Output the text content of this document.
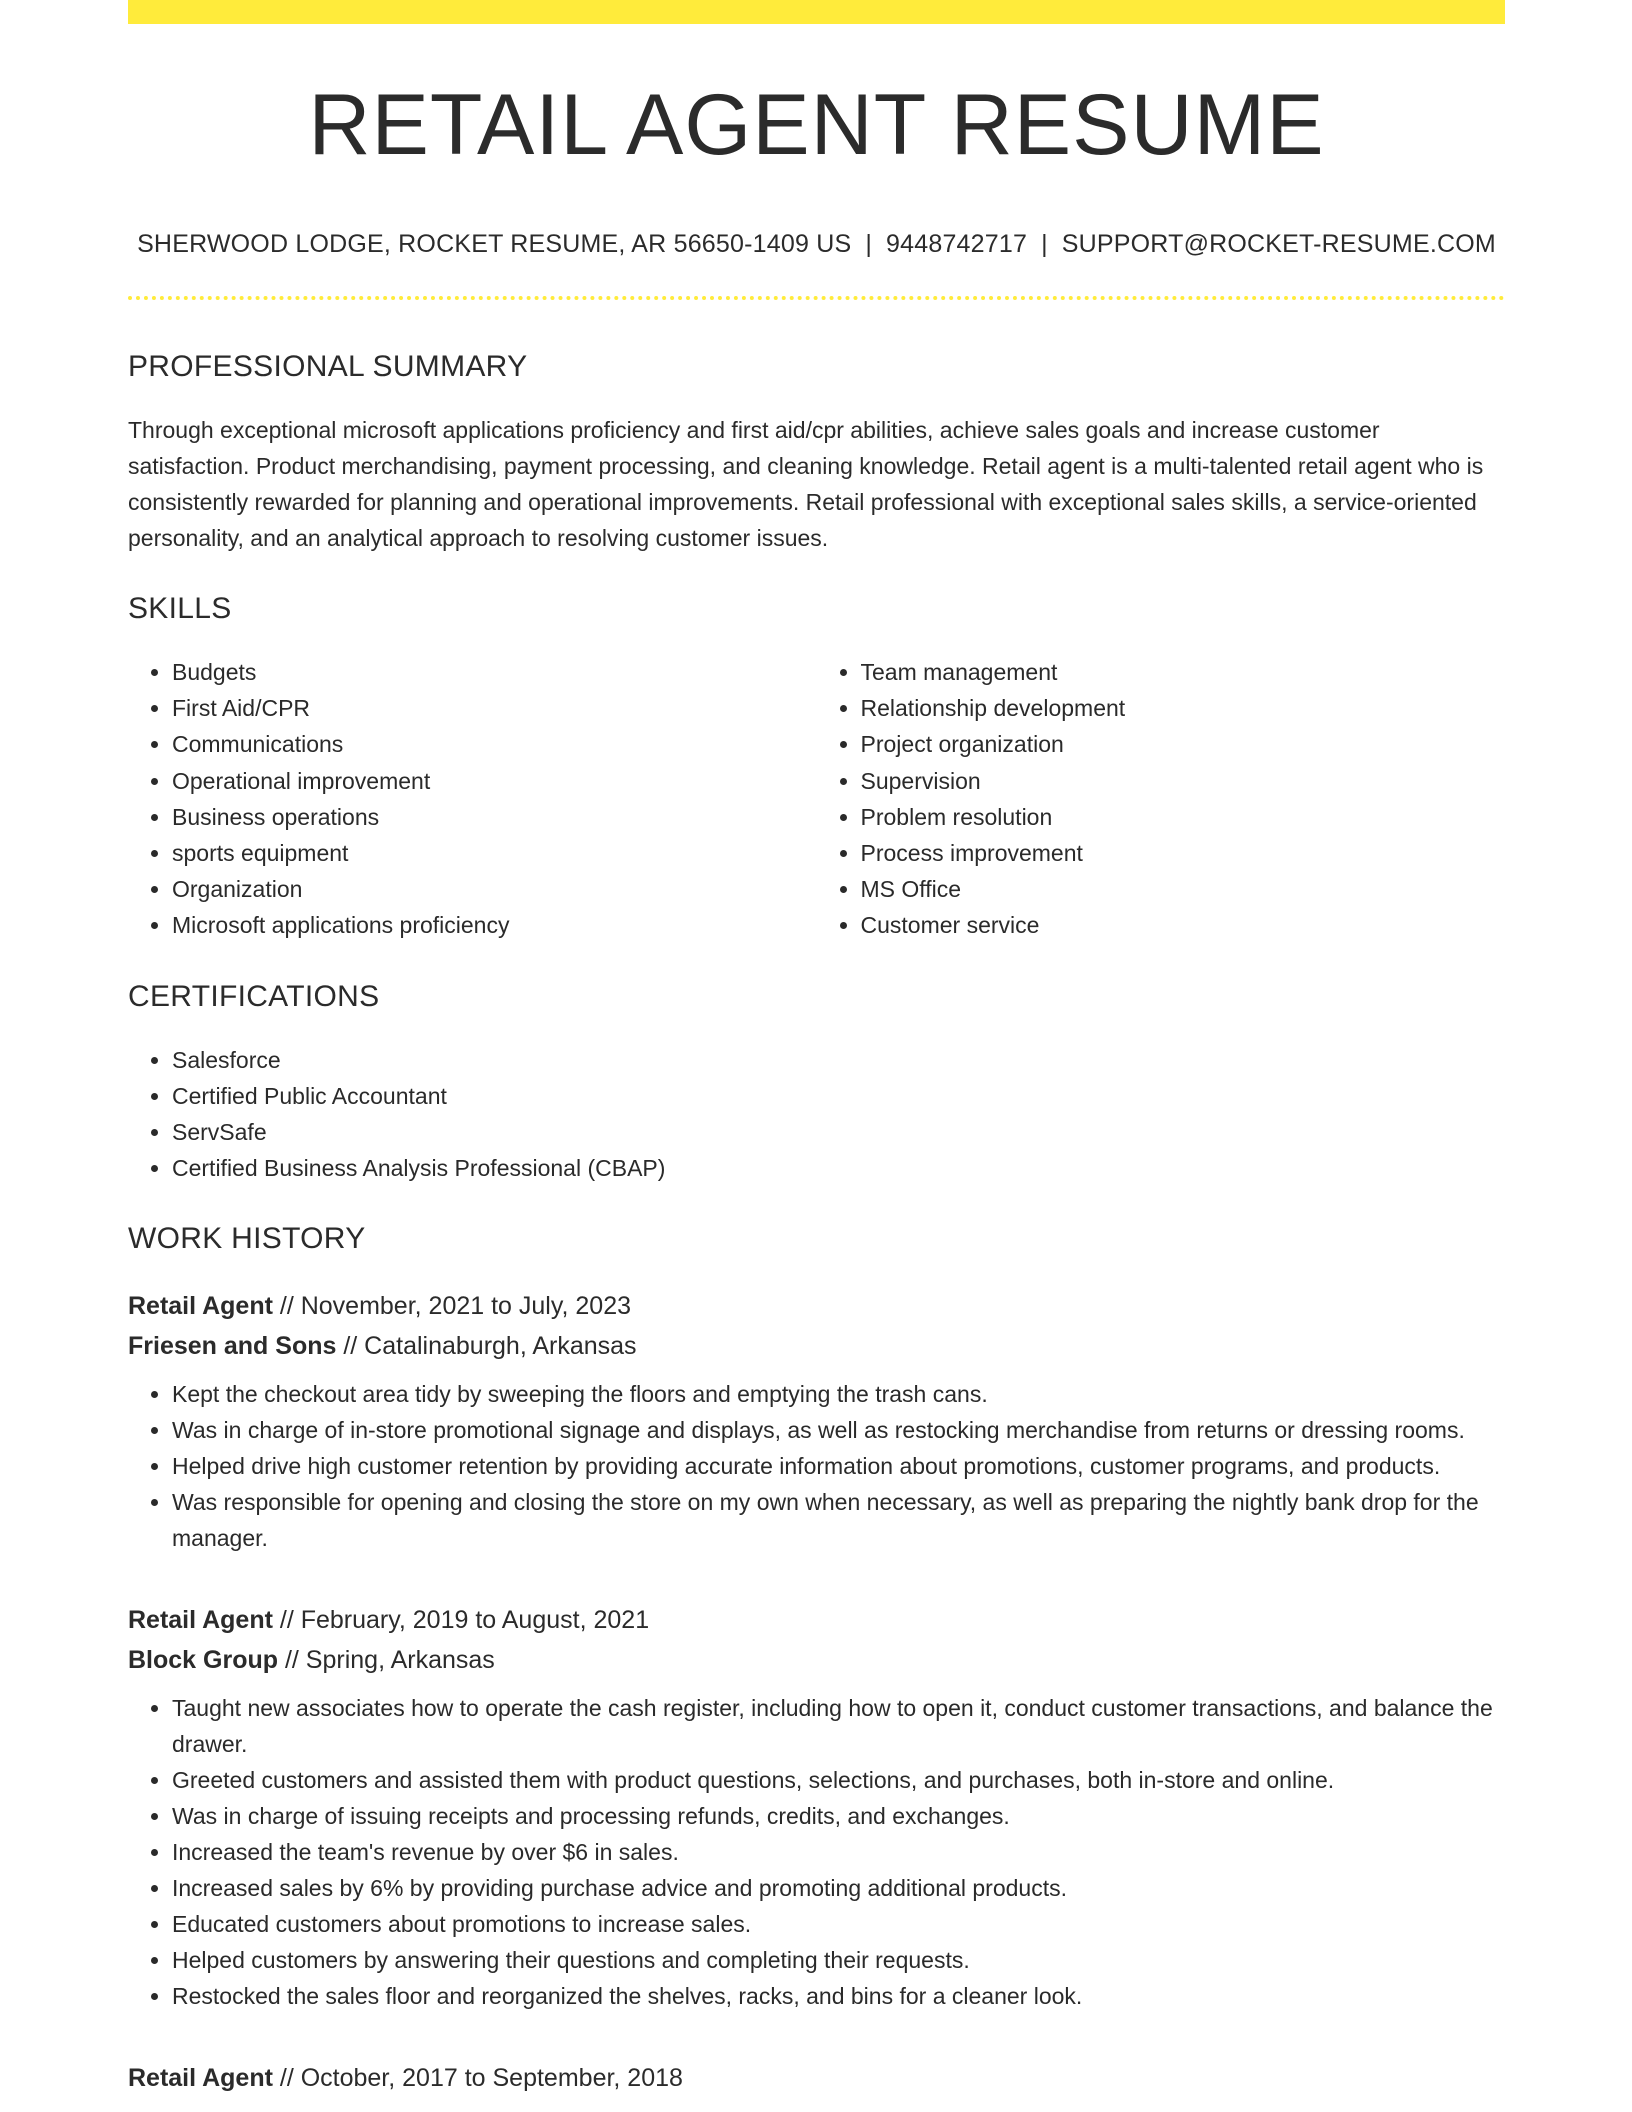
RETAIL AGENT RESUME
SHERWOOD LODGE, ROCKET RESUME, AR 56650-1409 US | 9448742717 | SUPPORT@ROCKET-RESUME.COM
PROFESSIONAL SUMMARY
Through exceptional microsoft applications proficiency and first aid/cpr abilities, achieve sales goals and increase customer satisfaction. Product merchandising, payment processing, and cleaning knowledge. Retail agent is a multi-talented retail agent who is consistently rewarded for planning and operational improvements. Retail professional with exceptional sales skills, a service-oriented personality, and an analytical approach to resolving customer issues.
SKILLS
• Budgets
• First Aid/CPR
• Communications
• Operational improvement
• Business operations
• sports equipment
• Organization
• Microsoft applications proficiency
• Team management
• Relationship development
• Project organization
• Supervision
• Problem resolution
• Process improvement
• MS Office
• Customer service
CERTIFICATIONS
• Salesforce
• Certified Public Accountant
• ServSafe
• Certified Business Analysis Professional (CBAP)
WORK HISTORY
Retail Agent // November, 2021 to July, 2023
Friesen and Sons // Catalinaburgh, Arkansas
• Kept the checkout area tidy by sweeping the floors and emptying the trash cans.
• Was in charge of in-store promotional signage and displays, as well as restocking merchandise from returns or dressing rooms.
• Helped drive high customer retention by providing accurate information about promotions, customer programs, and products.
• Was responsible for opening and closing the store on my own when necessary, as well as preparing the nightly bank drop for the manager.
Retail Agent // February, 2019 to August, 2021
Block Group // Spring, Arkansas
• Taught new associates how to operate the cash register, including how to open it, conduct customer transactions, and balance the drawer.
• Greeted customers and assisted them with product questions, selections, and purchases, both in-store and online.
• Was in charge of issuing receipts and processing refunds, credits, and exchanges.
• Increased the team's revenue by over $6 in sales.
• Increased sales by 6% by providing purchase advice and promoting additional products.
• Educated customers about promotions to increase sales.
• Helped customers by answering their questions and completing their requests.
• Restocked the sales floor and reorganized the shelves, racks, and bins for a cleaner look.
Retail Agent // October, 2017 to September, 2018
